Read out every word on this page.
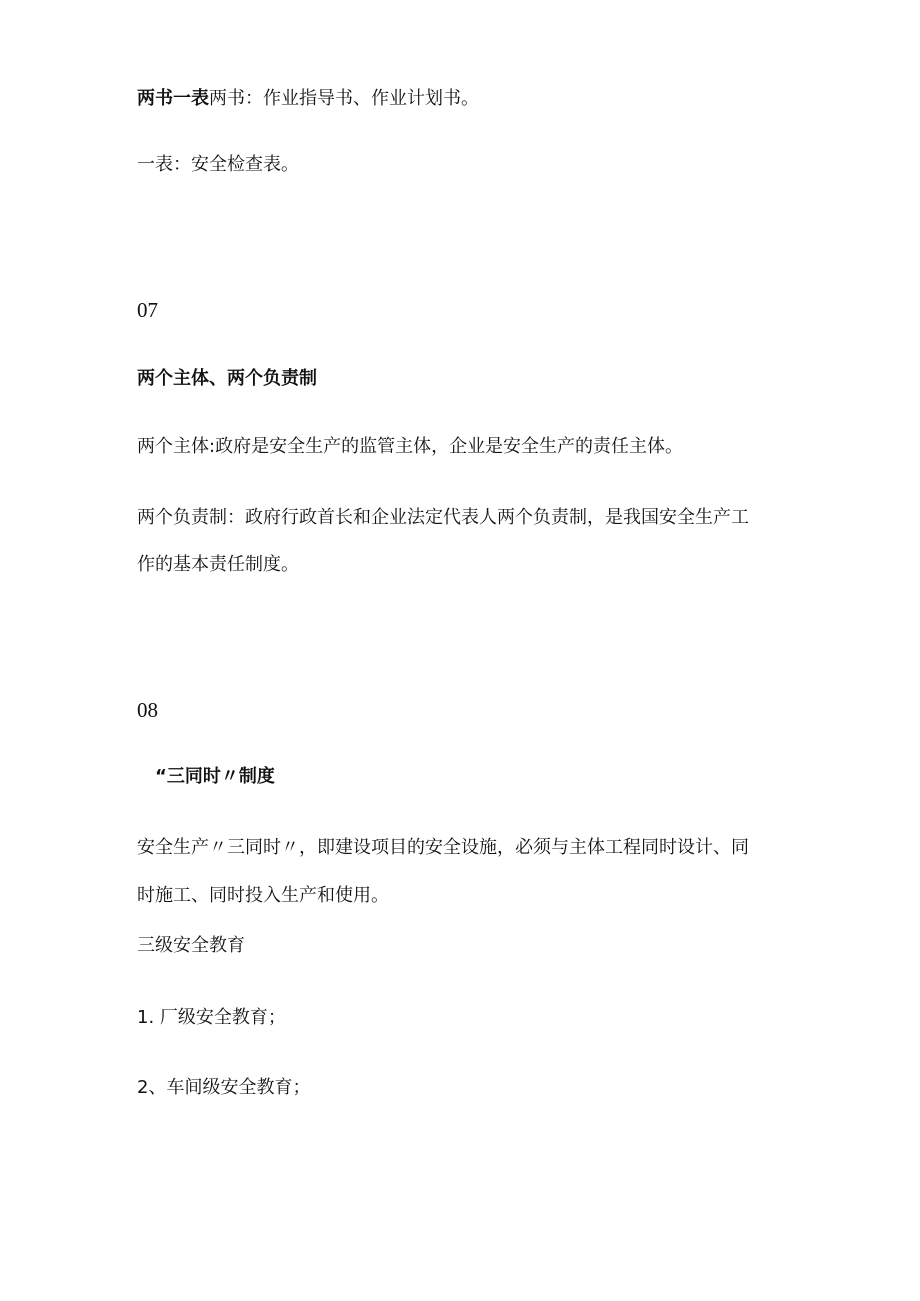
两书一表两书：作业指导书、作业计划书。

一表：安全检查表。

07

两个主体、两个负责制

两个主体:政府是安全生产的监管主体，企业是安全生产的责任主体。

两个负责制：政府行政首长和企业法定代表人两个负责制，是我国安全生产工

作的基本责任制度。

08

“三同时〃制度

安全生产〃三同时〃，即建设项目的安全设施，必须与主体工程同时设计、同

时施工、同时投入生产和使用。

三级安全教育

1. 厂级安全教育；

2、车间级安全教育；
